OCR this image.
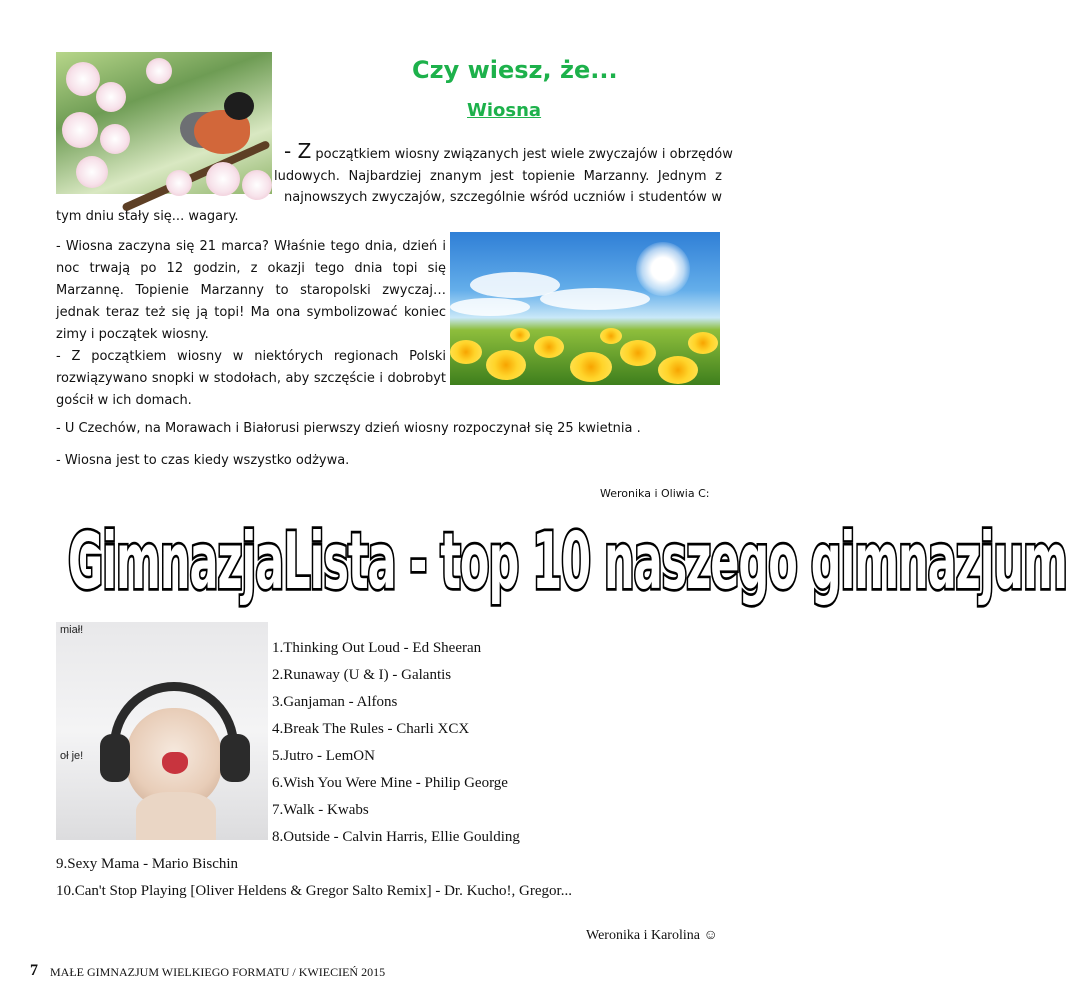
Czy wiesz, że...
Wiosna
- Z początkiem wiosny związanych jest wiele zwyczajów i obrzędów
ludowych. Najbardziej znanym jest topienie Marzanny. Jednym z
najnowszych zwyczajów, szczególnie wśród uczniów i studentów w
tym dniu stały się... wagary.
- Wiosna zaczyna się 21 marca? Właśnie tego dnia, dzień i noc trwają po 12 godzin, z okazji tego dnia topi się Marzannę. Topienie Marzanny to staropolski zwyczaj… jednak teraz też się ją topi! Ma ona symbolizować koniec zimy i początek wiosny.
- Z początkiem wiosny w niektórych regionach Polski rozwiązywano snopki w stodołach, aby szczęście i dobrobyt gościł w ich domach.
- U Czechów, na Morawach i Białorusi pierwszy dzień wiosny rozpoczynał się 25 kwietnia .
- Wiosna jest to czas kiedy wszystko odżywa.
Weronika i Oliwia C:
GimnazjaLista - top 10 naszego gimnazjum
miał!
oł je!
1.Thinking Out Loud - Ed Sheeran
2.Runaway (U & I) - Galantis
3.Ganjaman - Alfons
4.Break The Rules - Charli XCX
5.Jutro - LemON
6.Wish You Were Mine - Philip George
7.Walk - Kwabs
8.Outside - Calvin Harris, Ellie Goulding
9.Sexy Mama - Mario Bischin
10.Can't Stop Playing [Oliver Heldens & Gregor Salto Remix] - Dr. Kucho!, Gregor...
Weronika i Karolina ☺
7 MAŁE GIMNAZJUM WIELKIEGO FORMATU / KWIECIEŃ 2015
